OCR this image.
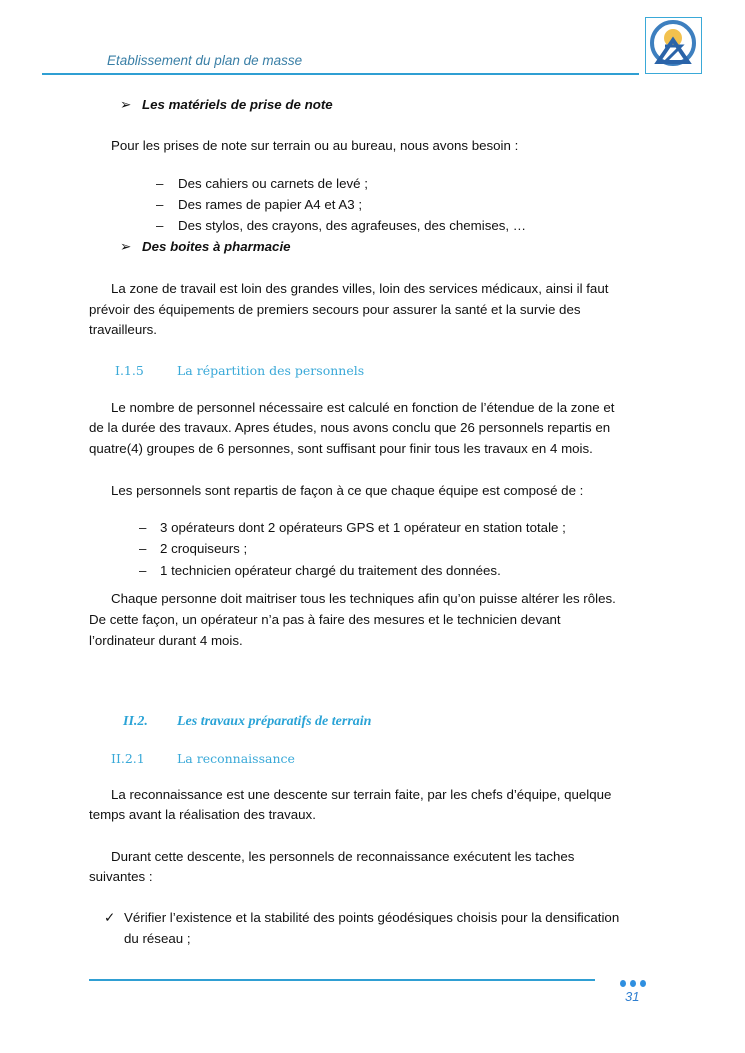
Etablissement du plan de masse
➢ Les matériels de prise de note
Pour les prises de note sur terrain ou au bureau, nous avons besoin :
– Des cahiers ou carnets de levé ;
– Des rames de papier A4 et A3 ;
– Des stylos, des crayons, des agrafeuses, des chemises, …
➢ Des boites à pharmacie
La zone de travail est loin des grandes villes, loin des services médicaux, ainsi il faut
prévoir des équipements de premiers secours pour assurer la santé et la survie des
travailleurs.
I.1.5	La répartition des personnels
Le nombre de personnel nécessaire est calculé en fonction de l’étendue de la zone et
de la durée des travaux. Apres études, nous avons conclu que 26 personnels repartis en
quatre(4) groupes de 6 personnes, sont suffisant pour finir tous les travaux en 4 mois.
Les personnels sont repartis de façon à ce que chaque équipe est composé de :
– 3 opérateurs dont 2 opérateurs GPS et 1 opérateur en station totale ;
– 2 croquiseurs ;
– 1 technicien opérateur chargé du traitement des données.
Chaque personne doit maitriser tous les techniques afin qu’on puisse altérer les rôles.
De cette façon, un opérateur n’a pas à faire des mesures et le technicien devant
l’ordinateur durant 4 mois.
II.2. Les travaux préparatifs de terrain
II.2.1	La reconnaissance
La reconnaissance est une descente sur terrain faite, par les chefs d’équipe, quelque
temps avant la réalisation des travaux.
Durant cette descente, les personnels de reconnaissance exécutent les taches
suivantes :
✓ Vérifier l’existence et la stabilité des points géodésiques choisis pour la densification
du réseau ;
31
